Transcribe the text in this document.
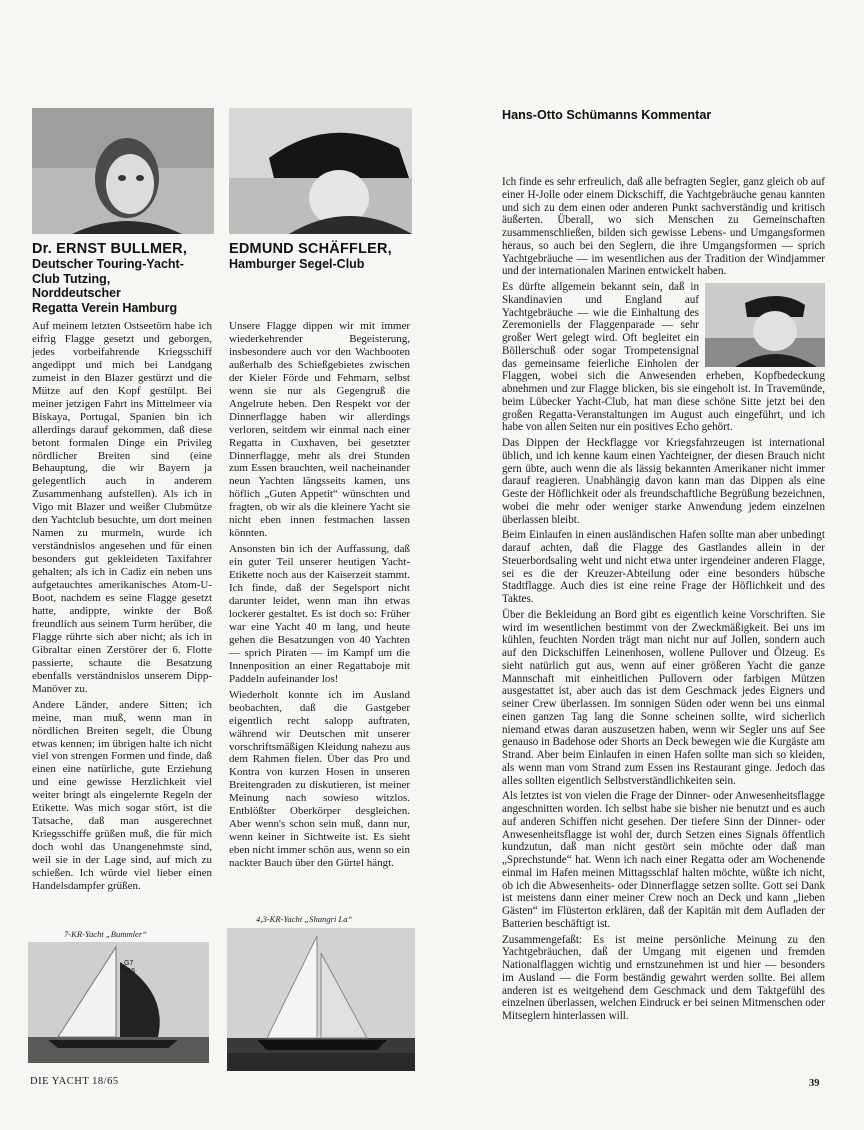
Dr. ERNST BULLMER,
Deutscher Touring-Yacht-
Club Tutzing,
Norddeutscher
Regatta Verein Hamburg
EDMUND SCHÄFFLER,
Hamburger Segel-Club

Auf meinem letzten Ostseetörn habe ich eifrig Flagge gesetzt und geborgen, jedes vorbeifahrende Kriegsschiff angedippt und mich bei Landgang zumeist in den Blazer gestürzt und die Mütze auf den Kopf gestülpt. Bei meiner jetzigen Fahrt ins Mittelmeer via Biskaya, Portugal, Spanien bin ich allerdings darauf gekommen, daß diese betont formalen Dinge ein Privileg nördlicher Breiten sind (eine Behauptung, die wir Bayern ja gelegentlich auch in anderem Zusammenhang aufstellen). Als ich in Vigo mit Blazer und weißer Clubmütze den Yachtclub besuchte, um dort meinen Namen zu murmeln, wurde ich verständnislos angesehen und für einen besonders gut gekleideten Taxifahrer gehalten; als ich in Cadiz ein neben uns aufgetauchtes amerikanisches Atom-U-Boot, nachdem es seine Flagge gesetzt hatte, andippte, winkte der Boß freundlich aus seinem Turm herüber, die Flagge rührte sich aber nicht; als ich in Gibraltar einen Zerstörer der 6. Flotte passierte, schaute die Besatzung ebenfalls verständnislos unserem Dipp-Manöver zu.

Andere Länder, andere Sitten; ich meine, man muß, wenn man in nördlichen Breiten segelt, die Übung etwas kennen; im übrigen halte ich nicht viel von strengen Formen und finde, daß einen eine natürliche, gute Erziehung und eine gewisse Herzlichkeit viel weiter bringt als eingelernte Regeln der Etikette. Was mich sogar stört, ist die Tatsache, daß man ausgerechnet Kriegsschiffe grüßen muß, die für mich doch wohl das Unangenehmste sind, weil sie in der Lage sind, auf mich zu schießen. Ich würde viel lieber einen Handelsdampfer grüßen.

Unsere Flagge dippen wir mit immer wiederkehrender Begeisterung, insbesondere auch vor den Wachbooten außerhalb des Schießgebietes zwischen der Kieler Förde und Fehmarn, selbst wenn sie nur als Gegengruß die Angelrute heben. Den Respekt vor der Dinnerflagge haben wir allerdings verloren, seitdem wir einmal nach einer Regatta in Cuxhaven, bei gesetzter Dinnerflagge, mehr als drei Stunden zum Essen brauchten, weil nacheinander neun Yachten längsseits kamen, uns höflich „Guten Appetit“ wünschten und fragten, ob wir als die kleinere Yacht sie nicht eben innen festmachen lassen könnten.

Ansonsten bin ich der Auffassung, daß ein guter Teil unserer heutigen Yacht-Etikette noch aus der Kaiserzeit stammt. Ich finde, daß der Segelsport nicht darunter leidet, wenn man ihn etwas lockerer gestaltet. Es ist doch so: Früher war eine Yacht 40 m lang, und heute gehen die Besatzungen von 40 Yachten — sprich Piraten — im Kampf um die Innenposition an einer Regattaboje mit Paddeln aufeinander los!

Wiederholt konnte ich im Ausland beobachten, daß die Gastgeber eigentlich recht salopp auftraten, während wir Deutschen mit unserer vorschriftsmäßigen Kleidung nahezu aus dem Rahmen fielen. Über das Pro und Kontra von kurzen Hosen in unseren Breitengraden zu diskutieren, ist meiner Meinung nach sowieso witzlos. Entblößter Oberkörper desgleichen. Aber wenn's schon sein muß, dann nur, wenn keiner in Sichtweite ist. Es sieht eben nicht immer schön aus, wenn so ein nackter Bauch über den Gürtel hängt.

7-KR-Yacht „Bummler“
G7
115
4,3-KR-Yacht „Shangri La“
Hans-Otto Schümanns Kommentar

Ich finde es sehr erfreulich, daß alle befragten Segler, ganz gleich ob auf einer H-Jolle oder einem Dickschiff, die Yachtgebräuche genau kannten und sich zu dem einen oder anderen Punkt sachverständig und kritisch äußerten. Überall, wo sich Menschen zu Gemeinschaften zusammenschließen, bilden sich gewisse Lebens- und Umgangsformen heraus, so auch bei den Seglern, die ihre Umgangsformen — sprich Yachtgebräuche — im wesentlichen aus der Tradition der Windjammer und der internationalen Marinen entwickelt haben.

Es dürfte allgemein bekannt sein, daß in Skandinavien und England auf Yachtgebräuche — wie die Einhaltung des Zeremoniells der Flaggenparade — sehr großer Wert gelegt wird. Oft begleitet ein Böllerschuß oder sogar Trompetensignal das gemeinsame feierliche Einholen der Flaggen, wobei sich die Anwesenden erheben, Kopfbedeckung abnehmen und zur Flagge blicken, bis sie eingeholt ist. In Travemünde, beim Lübecker Yacht-Club, hat man diese schöne Sitte jetzt bei den großen Regatta-Veranstaltungen im August auch eingeführt, und ich habe von allen Seiten nur ein positives Echo gehört.

Das Dippen der Heckflagge vor Kriegsfahrzeugen ist international üblich, und ich kenne kaum einen Yachteigner, der diesen Brauch nicht gern übte, auch wenn die als lässig bekannten Amerikaner nicht immer darauf reagieren. Unabhängig davon kann man das Dippen als eine Geste der Höflichkeit oder als freundschaftliche Begrüßung bezeichnen, wobei die mehr oder weniger starke Anwendung jedem einzelnen überlassen bleibt.

Beim Einlaufen in einen ausländischen Hafen sollte man aber unbedingt darauf achten, daß die Flagge des Gastlandes allein in der Steuerbordsaling weht und nicht etwa unter irgendeiner anderen Flagge, sei es die der Kreuzer-Abteilung oder eine besonders hübsche Stadtflagge. Auch dies ist eine reine Frage der Höflichkeit und des Taktes.

Über die Bekleidung an Bord gibt es eigentlich keine Vorschriften. Sie wird im wesentlichen bestimmt von der Zweckmäßigkeit. Bei uns im kühlen, feuchten Norden trägt man nicht nur auf Jollen, sondern auch auf den Dickschiffen Leinenhosen, wollene Pullover und Ölzeug. Es sieht natürlich gut aus, wenn auf einer größeren Yacht die ganze Mannschaft mit einheitlichen Pullovern oder farbigen Mützen ausgestattet ist, aber auch das ist dem Geschmack jedes Eigners und seiner Crew überlassen. Im sonnigen Süden oder wenn bei uns einmal einen ganzen Tag lang die Sonne scheinen sollte, wird sicherlich niemand etwas daran auszusetzen haben, wenn wir Segler uns auf See genauso in Badehose oder Shorts an Deck bewegen wie die Kurgäste am Strand. Aber beim Einlaufen in einen Hafen sollte man sich so kleiden, als wenn man vom Strand zum Essen ins Restaurant ginge. Jedoch das alles sollten eigentlich Selbstverständlichkeiten sein.

Als letztes ist von vielen die Frage der Dinner- oder Anwesenheitsflagge angeschnitten worden. Ich selbst habe sie bisher nie benutzt und es auch auf anderen Schiffen nicht gesehen. Der tiefere Sinn der Dinner- oder Anwesenheitsflagge ist wohl der, durch Setzen eines Signals öffentlich kundzutun, daß man nicht gestört sein möchte oder daß man „Sprechstunde“ hat. Wenn ich nach einer Regatta oder am Wochenende einmal im Hafen meinen Mittagsschlaf halten möchte, wüßte ich nicht, ob ich die Abwesenheits- oder Dinnerflagge setzen sollte. Gott sei Dank ist meistens dann einer meiner Crew noch an Deck und kann „lieben Gästen“ im Flüsterton erklären, daß der Kapitän mit dem Aufladen der Batterien beschäftigt ist.

Zusammengefaßt: Es ist meine persönliche Meinung zu den Yachtgebräuchen, daß der Umgang mit eigenen und fremden Nationalflaggen wichtig und ernstzunehmen ist und hier — besonders im Ausland — die Form beständig gewahrt werden sollte. Bei allem anderen ist es weitgehend dem Geschmack und dem Taktgefühl des einzelnen überlassen, welchen Eindruck er bei seinen Mitmenschen oder Mitseglern hinterlassen will.

DIE YACHT 18/65	39
